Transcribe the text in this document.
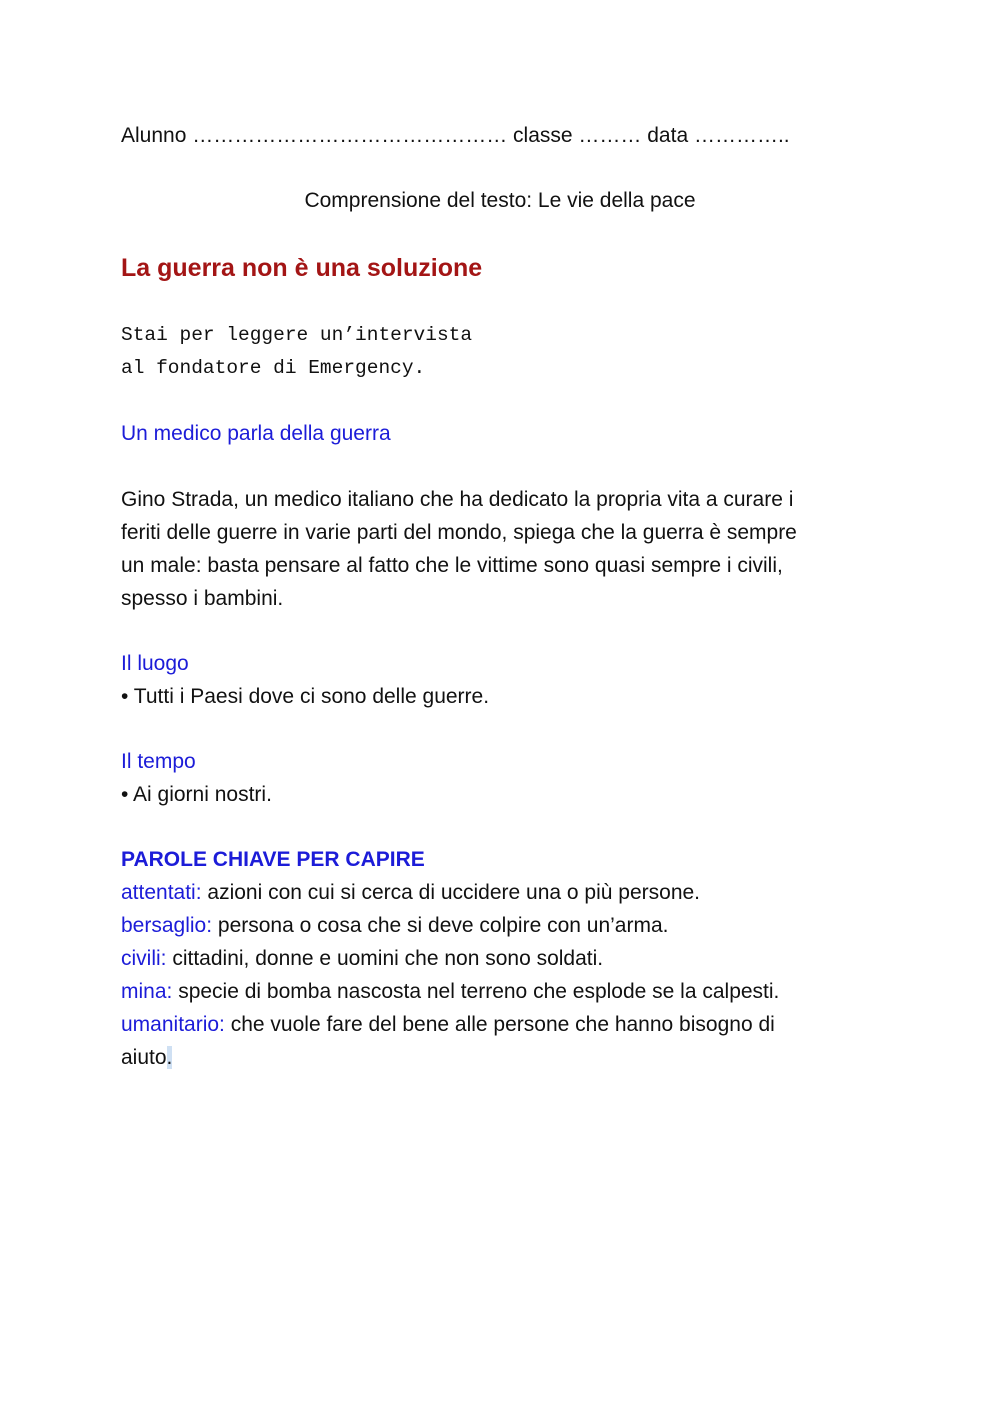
Alunno ……………………………………… classe ……… data …………..
Comprensione del testo: Le vie della pace
La guerra non è una soluzione
Stai per leggere un’intervista
al fondatore di Emergency.
Un medico parla della guerra
Gino Strada, un medico italiano che ha dedicato la propria vita a curare i
feriti delle guerre in varie parti del mondo, spiega che la guerra è sempre
un male: basta pensare al fatto che le vittime sono quasi sempre i civili,
spesso i bambini.
Il luogo
• Tutti i Paesi dove ci sono delle guerre.
Il tempo
• Ai giorni nostri.
PAROLE CHIAVE PER CAPIRE
attentati: azioni con cui si cerca di uccidere una o più persone.
bersaglio: persona o cosa che si deve colpire con un’arma.
civili: cittadini, donne e uomini che non sono soldati.
mina: specie di bomba nascosta nel terreno che esplode se la calpesti.
umanitario: che vuole fare del bene alle persone che hanno bisogno di
aiuto.
